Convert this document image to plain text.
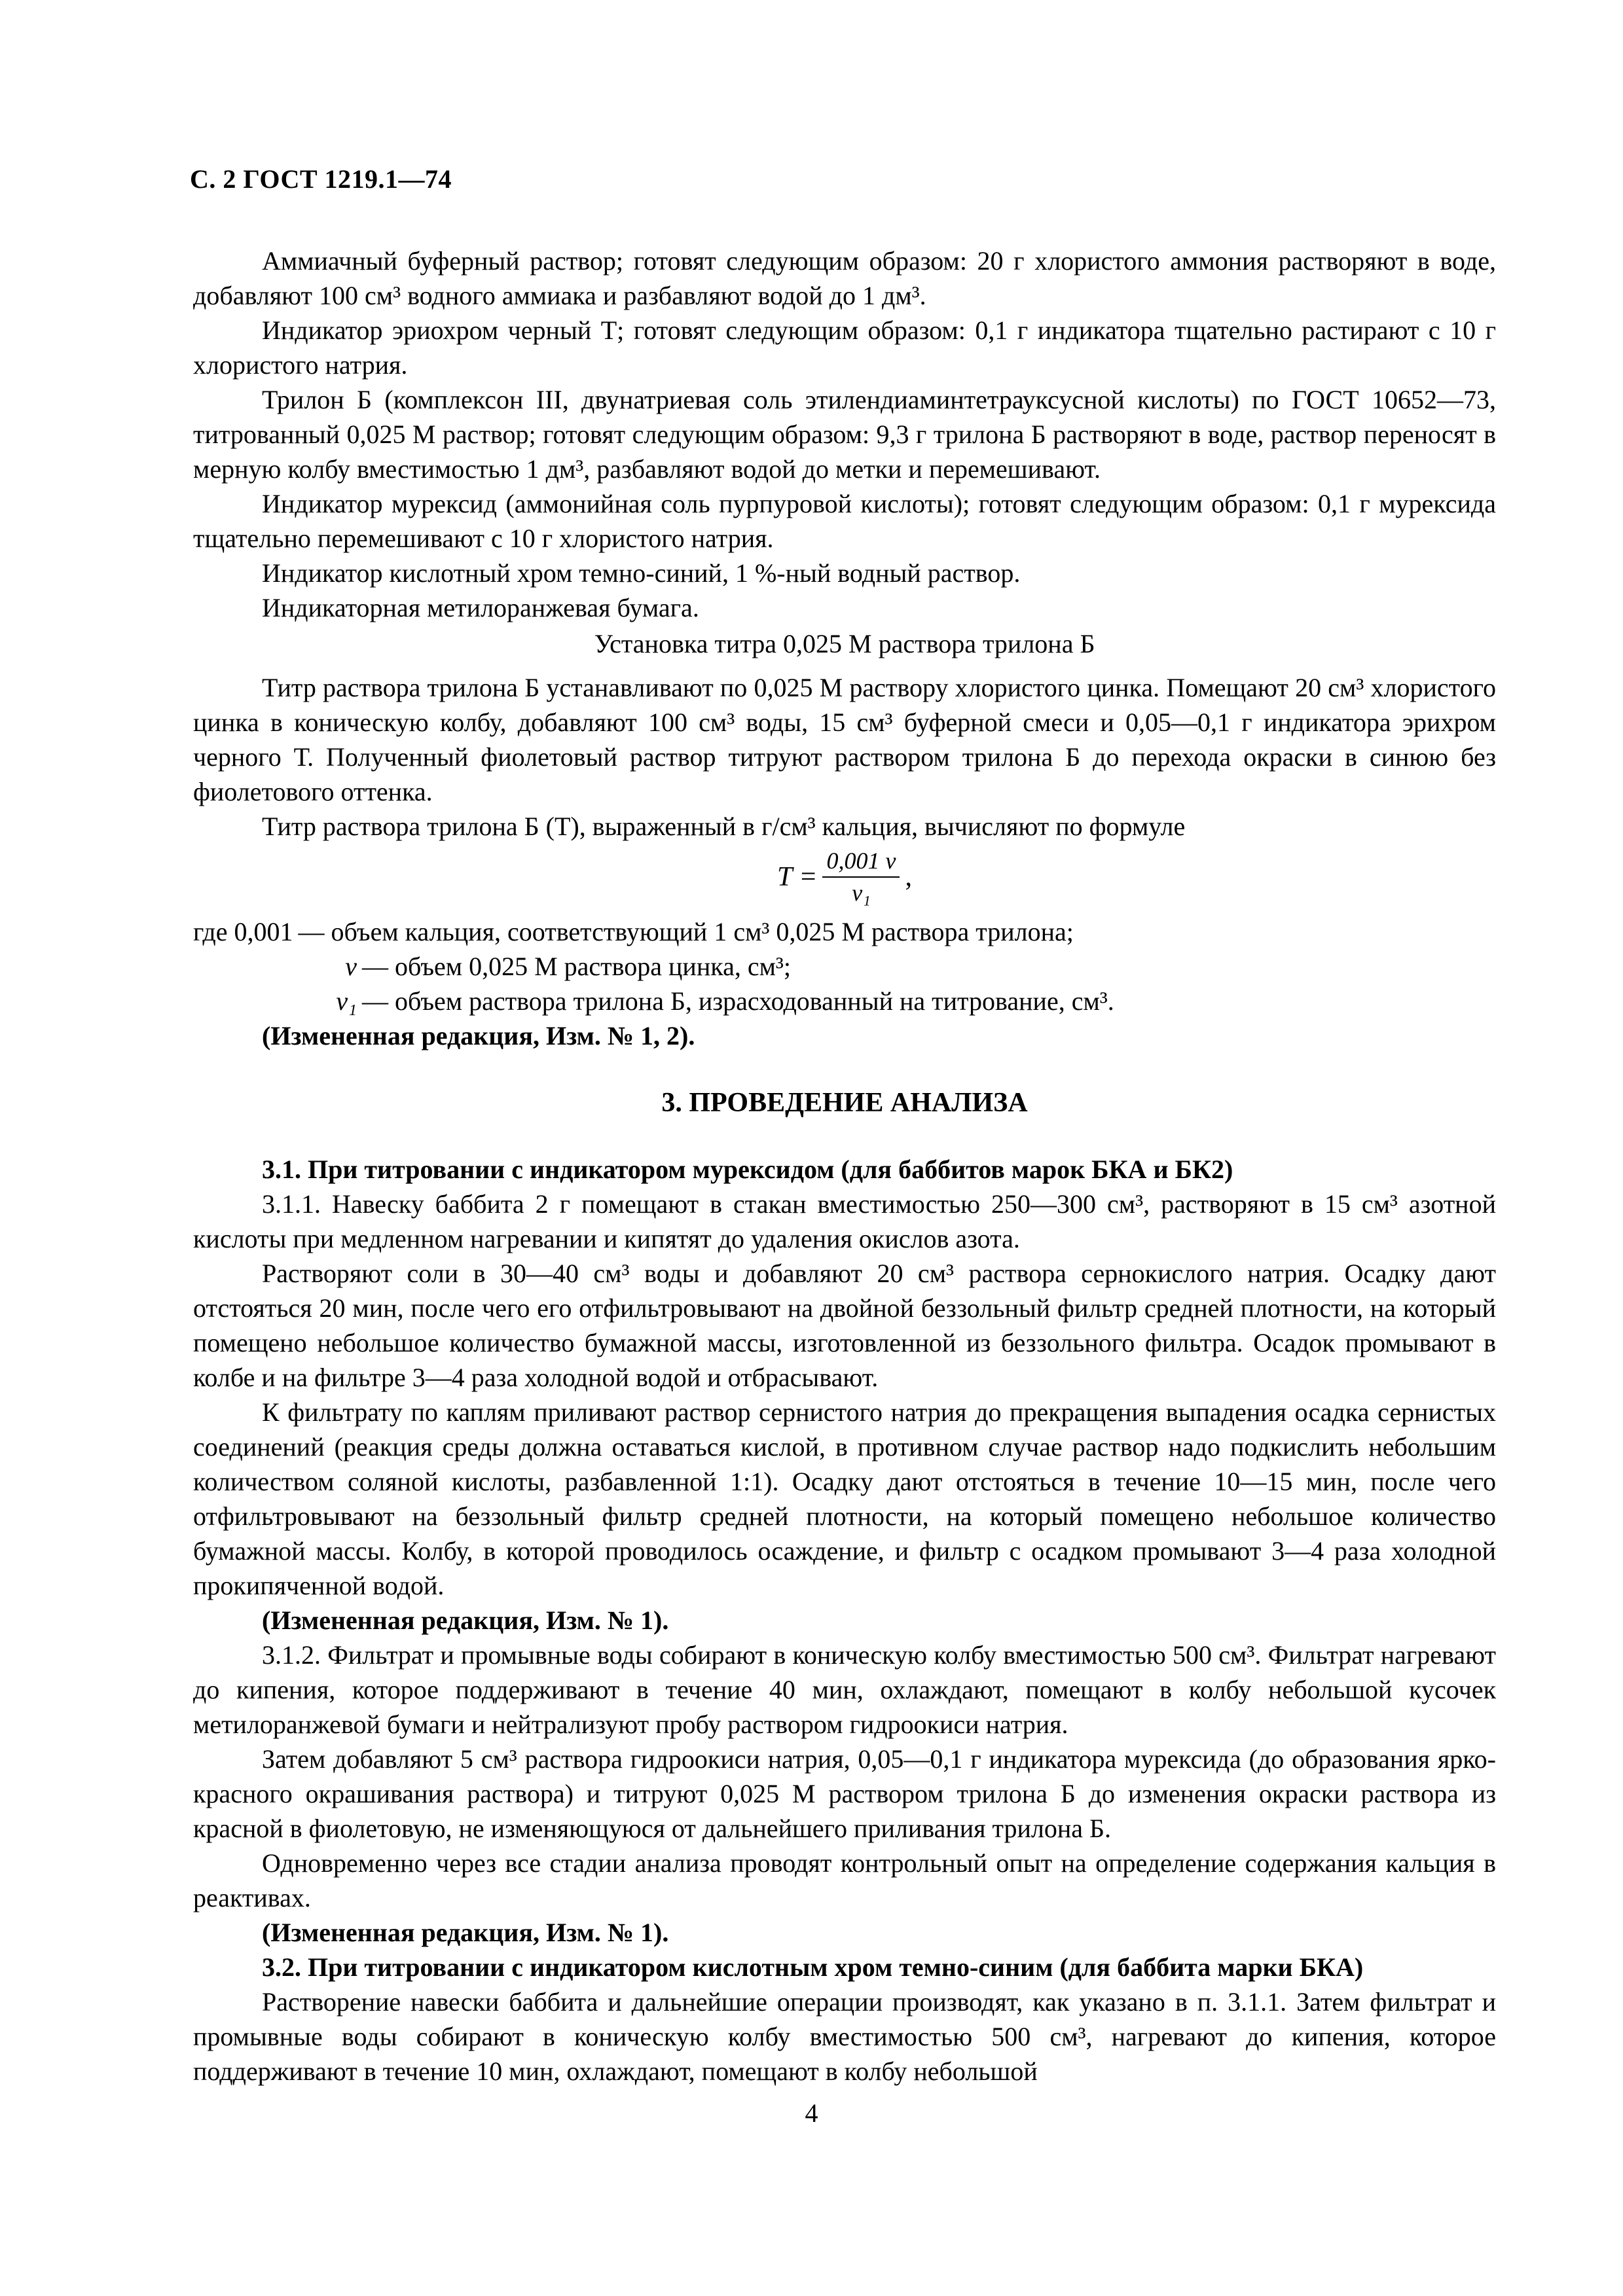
С. 2 ГОСТ 1219.1—74

Аммиачный буферный раствор; готовят следующим образом: 20 г хлористого аммония растворяют в воде, добавляют 100 см³ водного аммиака и разбавляют водой до 1 дм³.

Индикатор эриохром черный Т; готовят следующим образом: 0,1 г индикатора тщательно растирают с 10 г хлористого натрия.

Трилон Б (комплексон III, двунатриевая соль этилендиаминтетрауксусной кислоты) по ГОСТ 10652—73, титрованный 0,025 М раствор; готовят следующим образом: 9,3 г трилона Б растворяют в воде, раствор переносят в мерную колбу вместимостью 1 дм³, разбавляют водой до метки и перемешивают.

Индикатор мурексид (аммонийная соль пурпуровой кислоты); готовят следующим образом: 0,1 г мурексида тщательно перемешивают с 10 г хлористого натрия.

Индикатор кислотный хром темно-синий, 1 %-ный водный раствор.

Индикаторная метилоранжевая бумага.

Установка титра 0,025 М раствора трилона Б

Титр раствора трилона Б устанавливают по 0,025 М раствору хлористого цинка. Помещают 20 см³ хлористого цинка в коническую колбу, добавляют 100 см³ воды, 15 см³ буферной смеси и 0,05—0,1 г индикатора эрихром черного Т. Полученный фиолетовый раствор титруют раствором трилона Б до перехода окраски в синюю без фиолетового оттенка.

Титр раствора трилона Б (Т), выраженный в г/см³ кальция, вычисляют по формуле

$T = \frac{0,001 v}{\text{v₁}}$ ,
где 0,001 — объем кальция, соответствующий 1 см³ 0,025 М раствора трилона;
v — объем 0,025 М раствора цинка, см³;
v₁ — объем раствора трилона Б, израсходованный на титрование, см³.

(Измененная редакция, Изм. № 1, 2).

3. ПРОВЕДЕНИЕ АНАЛИЗА

3.1. При титровании с индикатором мурексидом (для баббитов марок БКА и БК2)

3.1.1. Навеску баббита 2 г помещают в стакан вместимостью 250—300 см³, растворяют в 15 см³ азотной кислоты при медленном нагревании и кипятят до удаления окислов азота.

Растворяют соли в 30—40 см³ воды и добавляют 20 см³ раствора сернокислого натрия. Осадку дают отстояться 20 мин, после чего его отфильтровывают на двойной беззольный фильтр средней плотности, на который помещено небольшое количество бумажной массы, изготовленной из беззольного фильтра. Осадок промывают в колбе и на фильтре 3—4 раза холодной водой и отбрасывают.

К фильтрату по каплям приливают раствор сернистого натрия до прекращения выпадения осадка сернистых соединений (реакция среды должна оставаться кислой, в противном случае раствор надо подкислить небольшим количеством соляной кислоты, разбавленной 1:1). Осадку дают отстояться в течение 10—15 мин, после чего отфильтровывают на беззольный фильтр средней плотности, на который помещено небольшое количество бумажной массы. Колбу, в которой проводилось осаждение, и фильтр с осадком промывают 3—4 раза холодной прокипяченной водой.

(Измененная редакция, Изм. № 1).

3.1.2. Фильтрат и промывные воды собирают в коническую колбу вместимостью 500 см³. Фильтрат нагревают до кипения, которое поддерживают в течение 40 мин, охлаждают, помещают в колбу небольшой кусочек метилоранжевой бумаги и нейтрализуют пробу раствором гидроокиси натрия.

Затем добавляют 5 см³ раствора гидроокиси натрия, 0,05—0,1 г индикатора мурексида (до образования ярко-красного окрашивания раствора) и титруют 0,025 М раствором трилона Б до изменения окраски раствора из красной в фиолетовую, не изменяющуюся от дальнейшего приливания трилона Б.

Одновременно через все стадии анализа проводят контрольный опыт на определение содержания кальция в реактивах.

(Измененная редакция, Изм. № 1).

3.2. При титровании с индикатором кислотным хром темно-синим (для баббита марки БКА)

Растворение навески баббита и дальнейшие операции производят, как указано в п. 3.1.1. Затем фильтрат и промывные воды собирают в коническую колбу вместимостью 500 см³, нагревают до кипения, которое поддерживают в течение 10 мин, охлаждают, помещают в колбу небольшой

4
